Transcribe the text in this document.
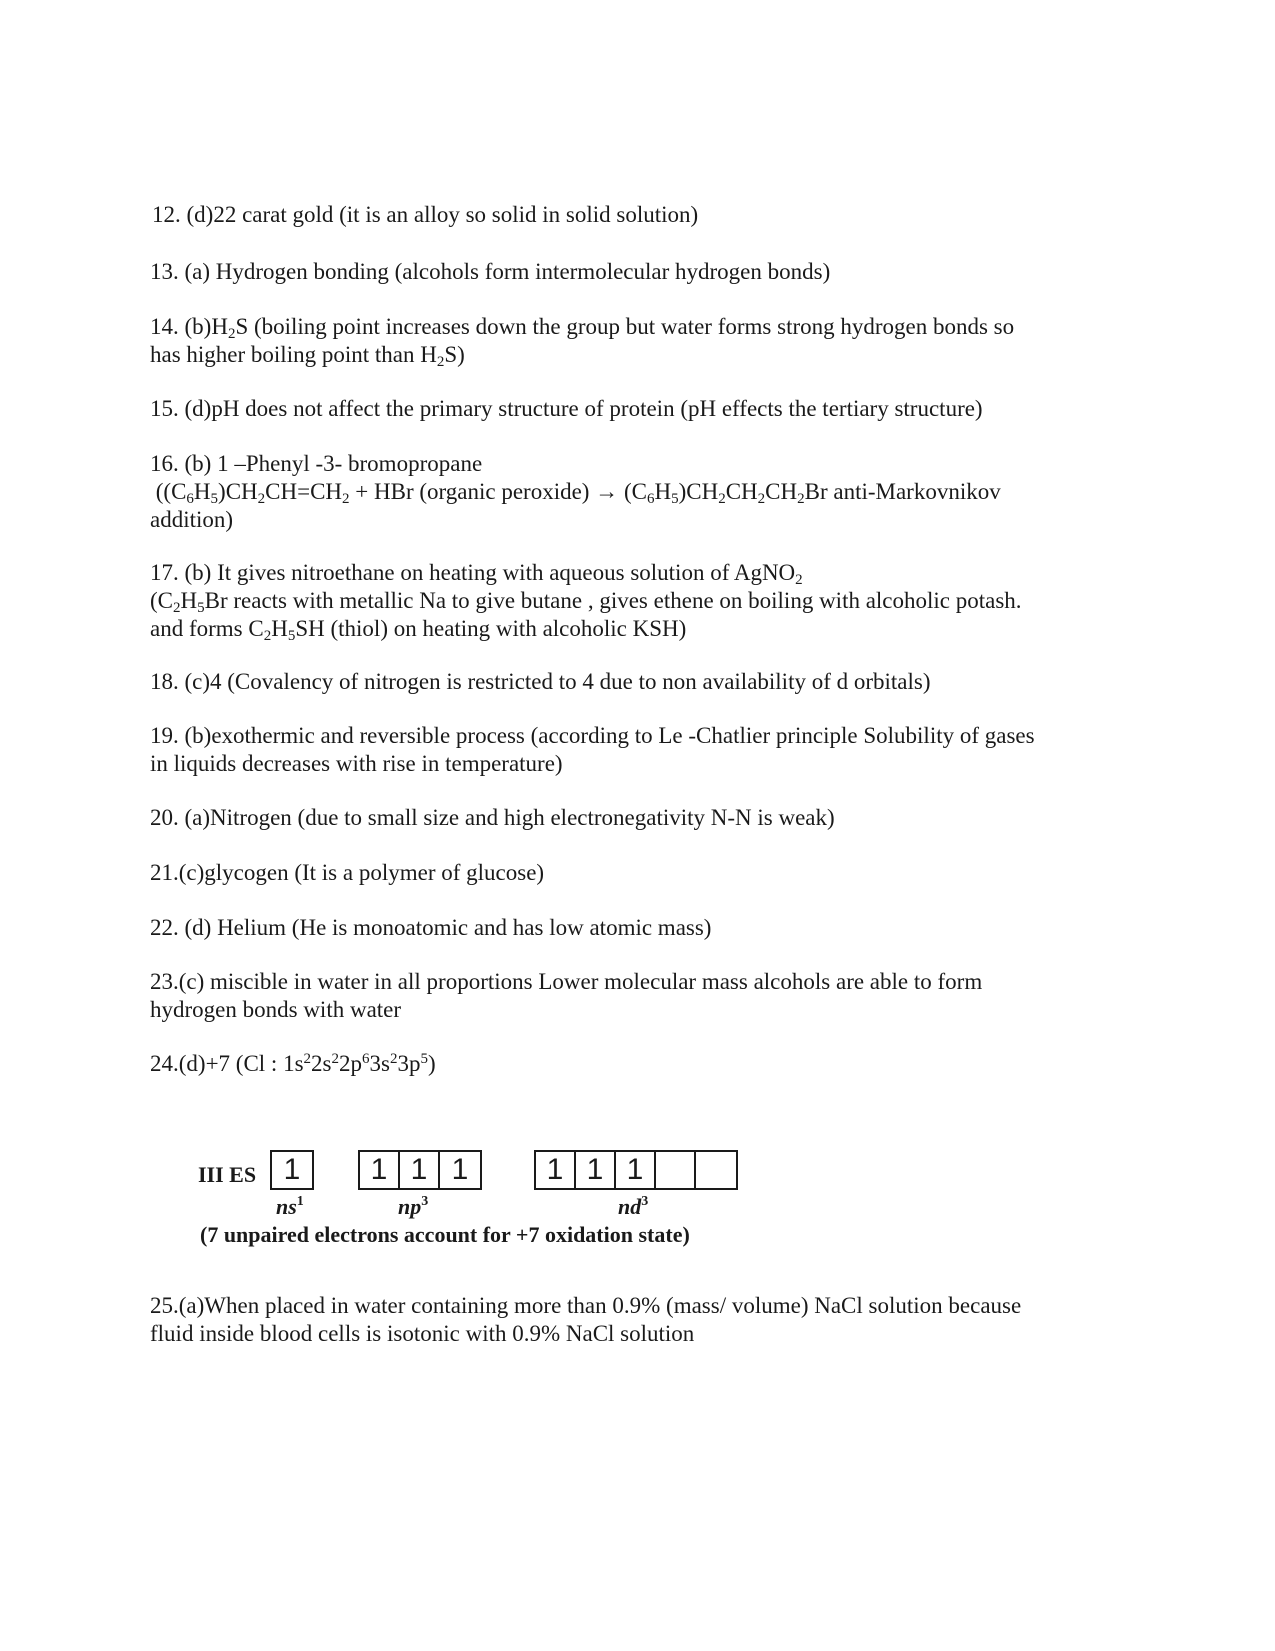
12. (d)22 carat gold (it is an alloy so solid in solid solution)

13. (a) Hydrogen bonding (alcohols form intermolecular hydrogen bonds)

14. $(b)H_2S$ (boiling point increases down the group but water forms strong hydrogen bonds so
has higher boiling point than $H_2S$)

15. (d)pH does not affect the primary structure of protein (pH effects the tertiary structure)

16. (b) 1 –Phenyl -3- bromopropane
($(C_6H_5)CH_2CH=CH_2$ + HBr (organic peroxide) → $(C_6H_5)CH_2CH_2CH_2Br$ anti-Markovnikov
addition)

17. (b) It gives nitroethane on heating with aqueous solution of AgNO$_2$
($C_2H_5Br$ reacts with metallic Na to give butane , gives ethene on boiling with alcoholic potash.
and forms $C_2H_5SH$ (thiol) on heating with alcoholic KSH)

18. (c)4 (Covalency of nitrogen is restricted to 4 due to non availability of d orbitals)

19. (b)exothermic and reversible process (according to Le -Chatlier principle Solubility of gases
in liquids decreases with rise in temperature)

20. (a)Nitrogen (due to small size and high electronegativity N-N is weak)

21.(c)glycogen (It is a polymer of glucose)

22. (d) Helium (He is monoatomic and has low atomic mass)

23.(c) miscible in water in all proportions Lower molecular mass alcohols are able to form
hydrogen bonds with water

24.(d)+7 (Cl : $1s^22s^22p^63s^23p^5$)

III ES 1	1 1 1	1 1 1
$ns^1$	$np^3$	$nd^3$
(7 unpaired electrons account for +7 oxidation state)

25.(a)When placed in water containing more than 0.9% (mass/ volume) NaCl solution because
fluid inside blood cells is isotonic with 0.9% NaCl solution
